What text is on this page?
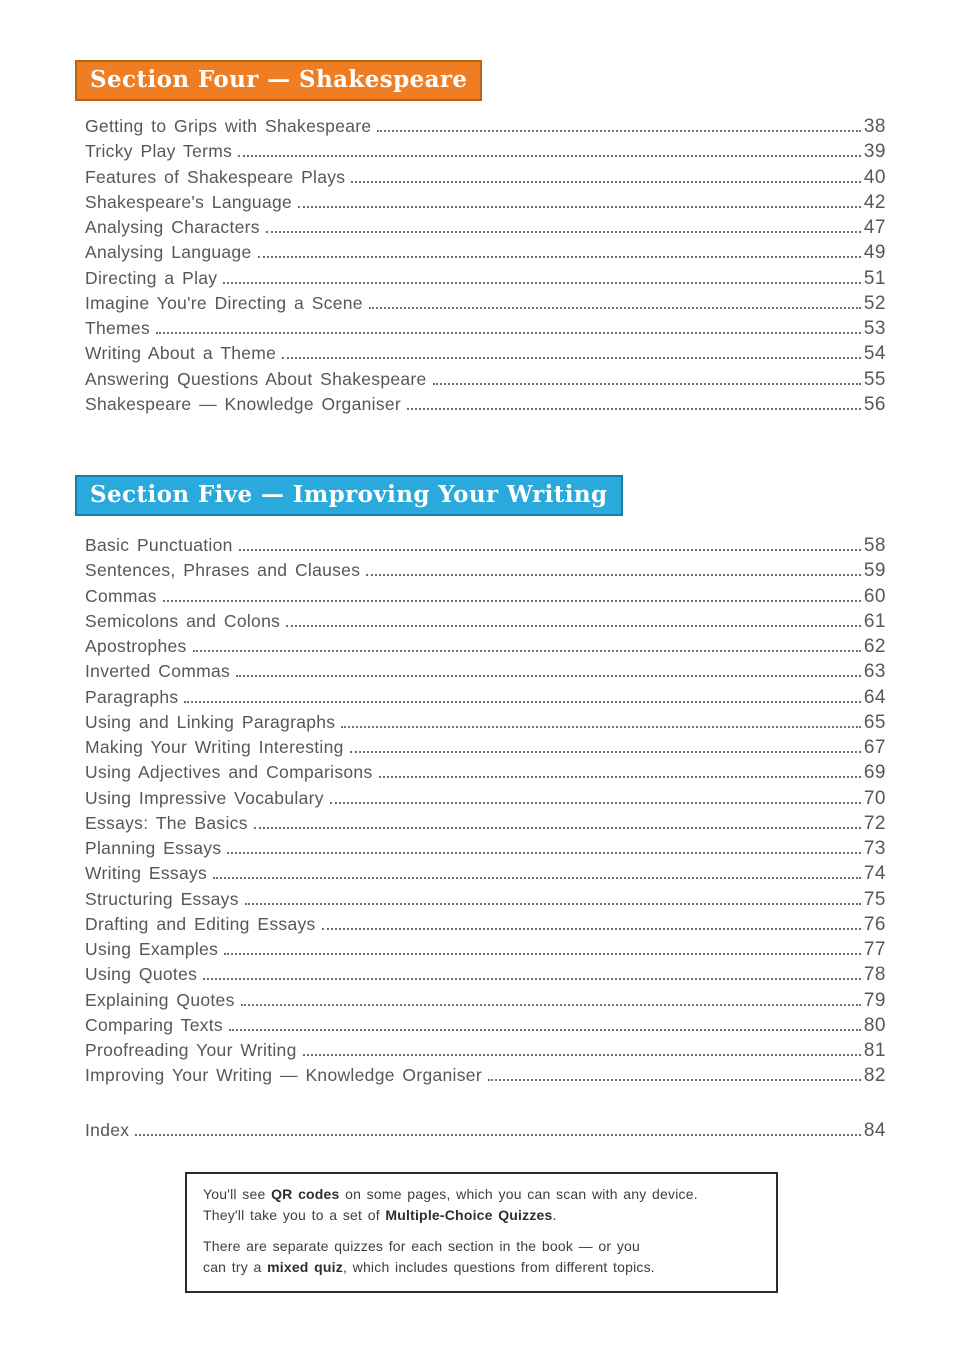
Section Four — Shakespeare
Getting to Grips with Shakespeare	38
Tricky Play Terms	39
Features of Shakespeare Plays	40
Shakespeare's Language	42
Analysing Characters	47
Analysing Language	49
Directing a Play	51
Imagine You're Directing a Scene	52
Themes	53
Writing About a Theme	54
Answering Questions About Shakespeare	55
Shakespeare — Knowledge Organiser	56
Section Five — Improving Your Writing
Basic Punctuation	58
Sentences, Phrases and Clauses	59
Commas	60
Semicolons and Colons	61
Apostrophes	62
Inverted Commas	63
Paragraphs	64
Using and Linking Paragraphs	65
Making Your Writing Interesting	67
Using Adjectives and Comparisons	69
Using Impressive Vocabulary	70
Essays: The Basics	72
Planning Essays	73
Writing Essays	74
Structuring Essays	75
Drafting and Editing Essays	76
Using Examples	77
Using Quotes	78
Explaining Quotes	79
Comparing Texts	80
Proofreading Your Writing	81
Improving Your Writing — Knowledge Organiser	82
Index	84

You'll see QR codes on some pages, which you can scan with any device.
They'll take you to a set of Multiple-Choice Quizzes.

There are separate quizzes for each section in the book — or you
can try a mixed quiz, which includes questions from different topics.
